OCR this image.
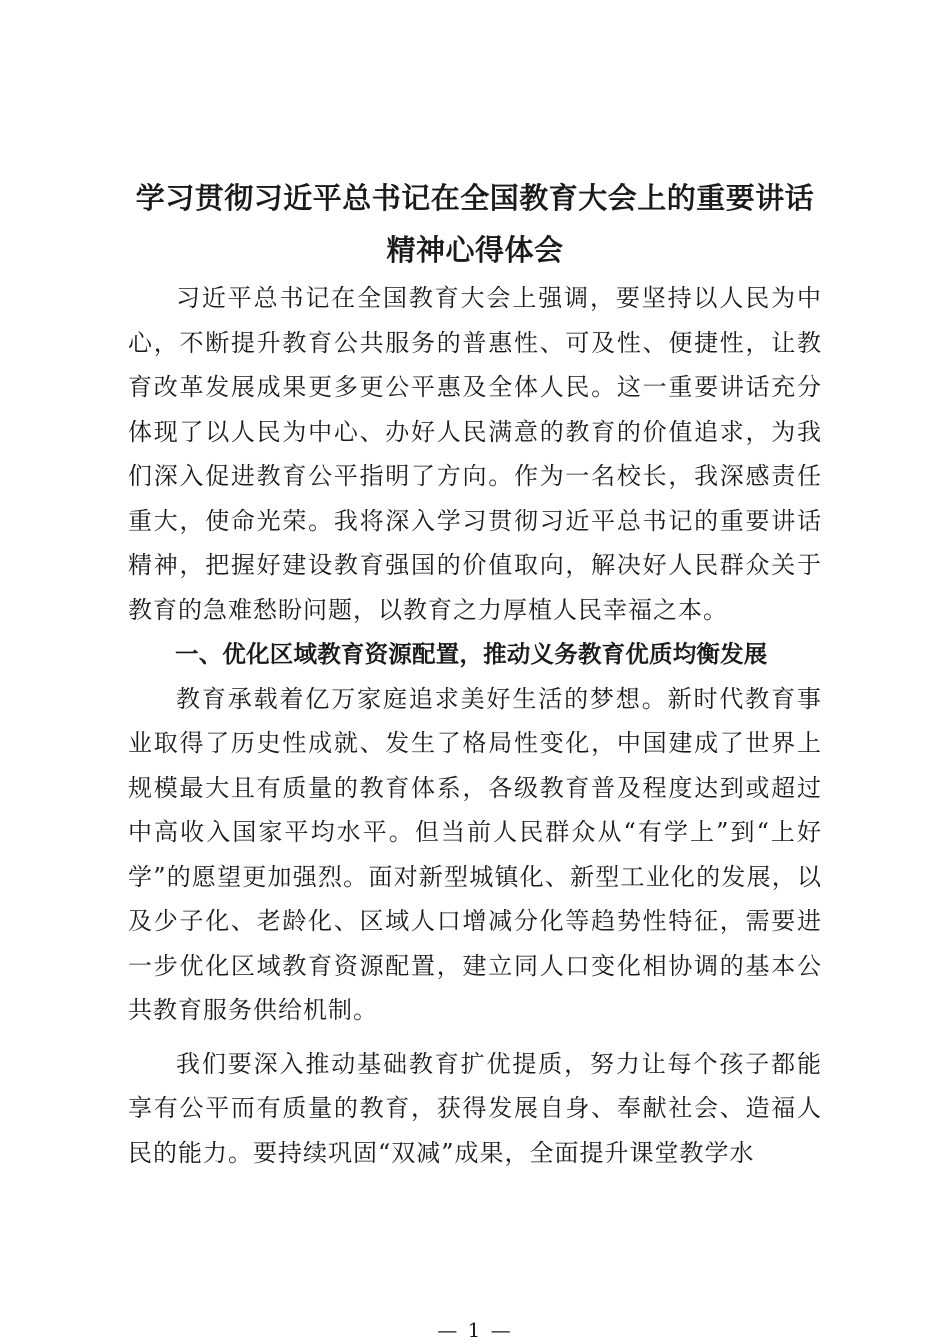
学习贯彻习近平总书记在全国教育大会上的重要讲话精神心得体会

习近平总书记在全国教育大会上强调，要坚持以人民为中心，不断提升教育公共服务的普惠性、可及性、便捷性，让教育改革发展成果更多更公平惠及全体人民。这一重要讲话充分体现了以人民为中心、办好人民满意的教育的价值追求，为我们深入促进教育公平指明了方向。作为一名校长，我深感责任重大，使命光荣。我将深入学习贯彻习近平总书记的重要讲话精神，把握好建设教育强国的价值取向，解决好人民群众关于教育的急难愁盼问题，以教育之力厚植人民幸福之本。

一、优化区域教育资源配置，推动义务教育优质均衡发展

教育承载着亿万家庭追求美好生活的梦想。新时代教育事业取得了历史性成就、发生了格局性变化，中国建成了世界上规模最大且有质量的教育体系，各级教育普及程度达到或超过中高收入国家平均水平。但当前人民群众从“有学上”到“上好学”的愿望更加强烈。面对新型城镇化、新型工业化的发展，以及少子化、老龄化、区域人口增减分化等趋势性特征，需要进一步优化区域教育资源配置，建立同人口变化相协调的基本公共教育服务供给机制。

我们要深入推动基础教育扩优提质，努力让每个孩子都能享有公平而有质量的教育，获得发展自身、奉献社会、造福人民的能力。要持续巩固“双减”成果，全面提升课堂教学水

— 1 —
